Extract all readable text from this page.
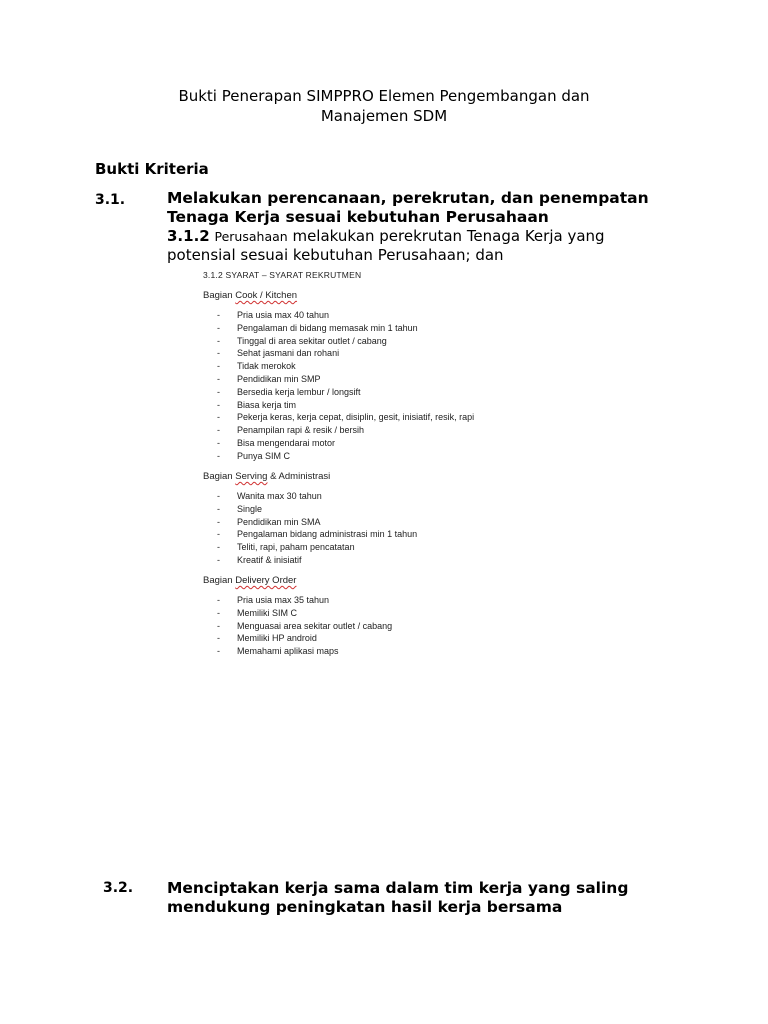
Bukti Penerapan SIMPPRO Elemen Pengembangan dan
Manajemen SDM
Bukti Kriteria
3.1.	Melakukan perencanaan, perekrutan, dan penempatan
Tenaga Kerja sesuai kebutuhan Perusahaan
3.1.2 Perusahaan melakukan perekrutan Tenaga Kerja yang
potensial sesuai kebutuhan Perusahaan; dan
3.1.2 SYARAT – SYARAT REKRUTMEN
Bagian Cook / Kitchen
- Pria usia max 40 tahun
- Pengalaman di bidang memasak min 1 tahun
- Tinggal di area sekitar outlet / cabang
- Sehat jasmani dan rohani
- Tidak merokok
- Pendidikan min SMP
- Bersedia kerja lembur / longsift
- Biasa kerja tim
- Pekerja keras, kerja cepat, disiplin, gesit, inisiatif, resik, rapi
- Penampilan rapi & resik / bersih
- Bisa mengendarai motor
- Punya SIM C
Bagian Serving & Administrasi
- Wanita max 30 tahun
- Single
- Pendidikan min SMA
- Pengalaman bidang administrasi min 1 tahun
- Teliti, rapi, paham pencatatan
- Kreatif & inisiatif
Bagian Delivery Order
- Pria usia max 35 tahun
- Memiliki SIM C
- Menguasai area sekitar outlet / cabang
- Memiliki HP android
- Memahami aplikasi maps
3.2. Menciptakan kerja sama dalam tim kerja yang saling
mendukung peningkatan hasil kerja bersama
